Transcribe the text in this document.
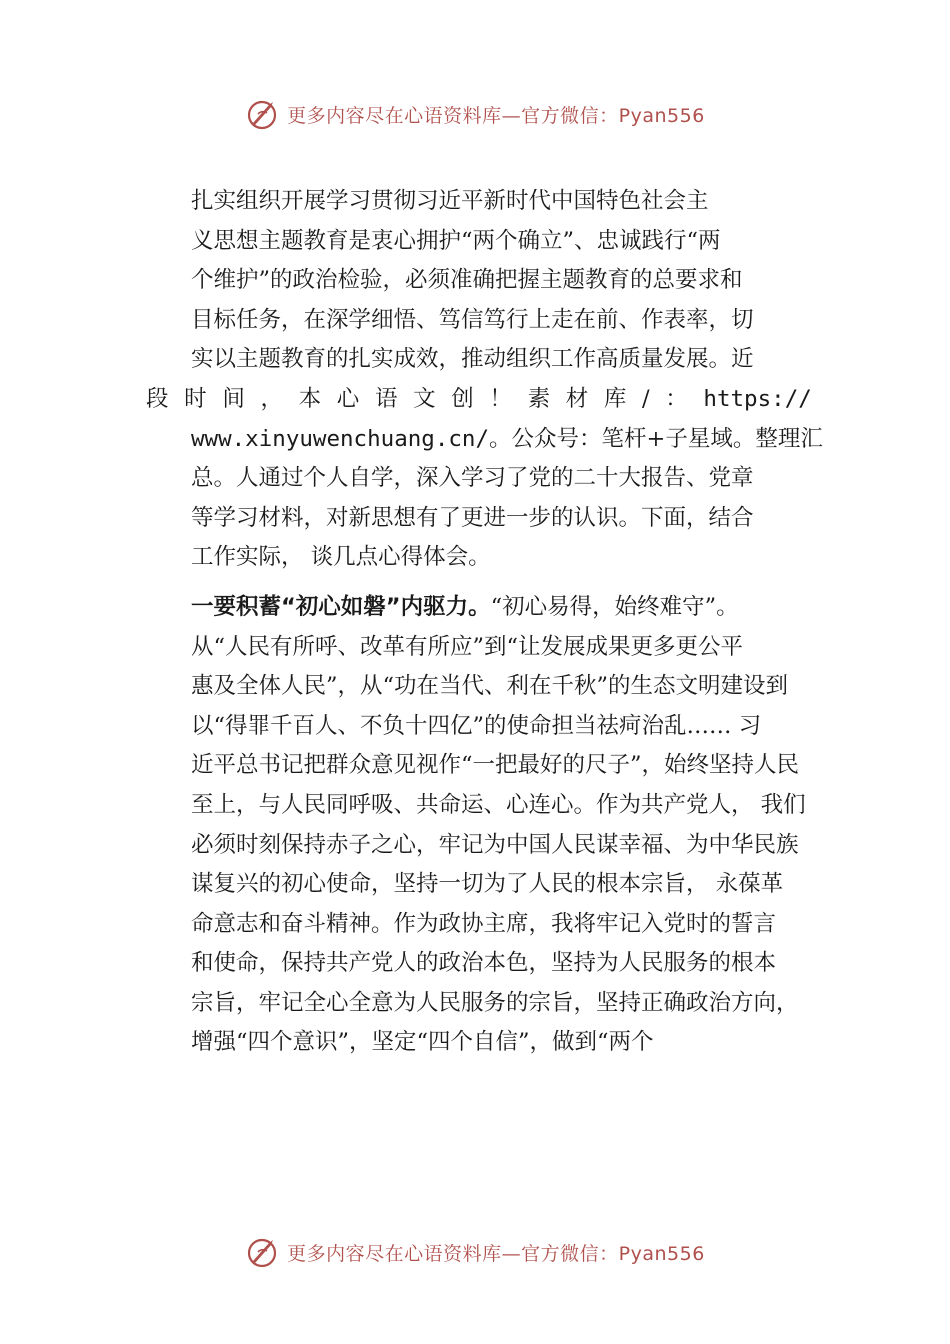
更多内容尽在心语资料库—官方微信：Pyan556

扎实组织开展学习贯彻习近平新时代中国特色社会主
义思想主题教育是衷心拥护“两个确立”、忠诚践行“两
个维护”的政治检验，必须准确把握主题教育的总要求和
目标任务，在深学细悟、笃信笃行上走在前、作表率，切
实以主题教育的扎实成效，推动组织工作高质量发展。近
段 时 间 ， 本 心 语 文 创 ！ 素 材 库 / ： https://
www.xinyuwenchuang.cn/。公众号：笔杆+子星域。整理汇
总。人通过个人自学，深入学习了党的二十大报告、党章
等学习材料，对新思想有了更进一步的认识。下面，结合
工作实际， 谈几点心得体会。

一要积蓄“初心如磐”内驱力。“初心易得，始终难守”。
从“人民有所呼、改革有所应”到“让发展成果更多更公平
惠及全体人民”，从“功在当代、利在千秋”的生态文明建设到
以“得罪千百人、不负十四亿”的使命担当祛疴治乱…… 习
近平总书记把群众意见视作“一把最好的尺子”，始终坚持人民
至上，与人民同呼吸、共命运、心连心。作为共产党人， 我们
必须时刻保持赤子之心，牢记为中国人民谋幸福、为中华民族
谋复兴的初心使命，坚持一切为了人民的根本宗旨， 永葆革
命意志和奋斗精神。作为政协主席，我将牢记入党时的誓言
和使命，保持共产党人的政治本色，坚持为人民服务的根本
宗旨，牢记全心全意为人民服务的宗旨，坚持正确政治方向，
增强“四个意识”，坚定“四个自信”，做到“两个

更多内容尽在心语资料库—官方微信：Pyan556
